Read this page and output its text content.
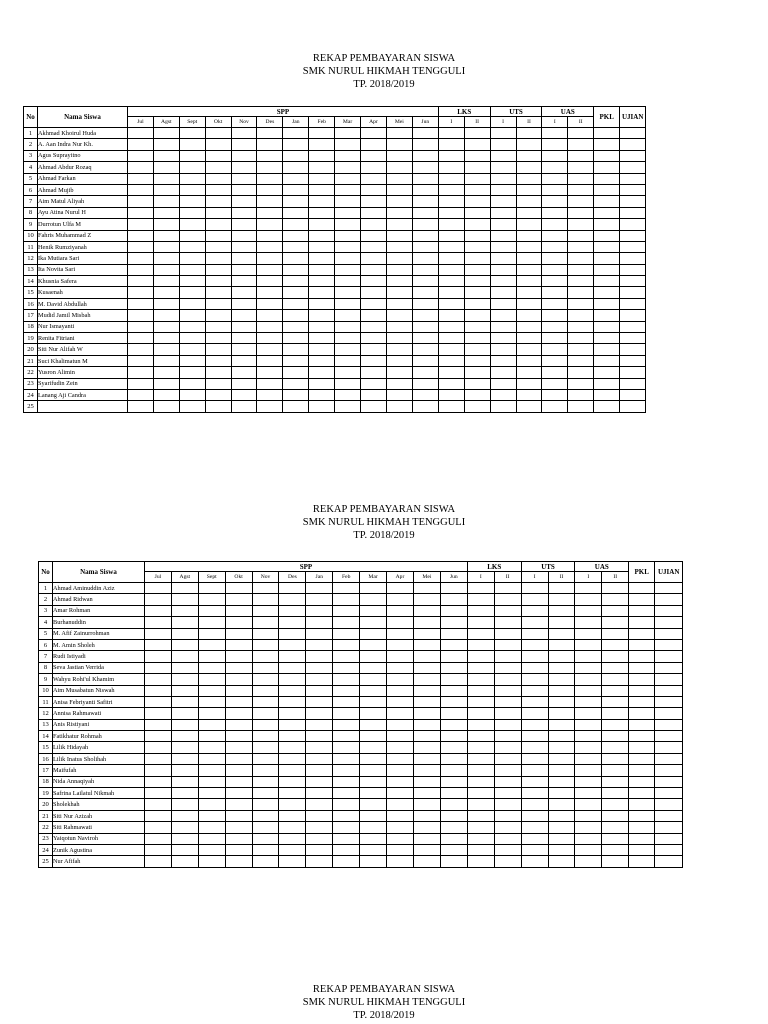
REKAP PEMBAYARAN SISWA
SMK NURUL HIKMAH TENGGULI
TP. 2018/2019
No	Nama Siswa	SPP												LKS		UTS		UAS		PKL	UJIAN
		Jul	Agst	Sept	Okt	Nov	Des	Jan	Feb	Mar	Apr	Mei	Jun	I	II	I	II	I	II		
1	Akhmad Khoirul Huda																				
2	A. Aan Indra Nur Kh.																				
3	Agus Suprayitno																				
4	Ahmad Abdur Rozaq																				
5	Ahmad Farkan																				
6	Ahmad Mujib																				
7	Aim Matul Aliyah																				
8	Ayu Atina Nurul H																				
9	Durrotun Ulfa M																				
10	Fahris Muhammad Z																				
11	Henik Rumziyanah																				
12	Ika Mutiara Sari																				
13	Ita Novita Sari																				
14	Khusnia Safera																				
15	Kusaenah																				
16	M. David Abdullah																				
17	Mudid Jamil Misbah																				
18	Nur Ismayanti																				
19	Renita Fitriani																				
20	Siti Nur Alifah W																				
21	Suci Khalimatun M																				
22	Yusron Alimin																				
23	Syarifudin Zein																				
24	Lanang Aji Candra																				
25																					
REKAP PEMBAYARAN SISWA
SMK NURUL HIKMAH TENGGULI
TP. 2018/2019
No	Nama Siswa	SPP												LKS		UTS		UAS		PKL	UJIAN
		Jul	Agst	Sept	Okt	Nov	Des	Jan	Feb	Mar	Apr	Mei	Jun	I	II	I	II	I	II		
1	Ahmad Aminuddin Aziz																				
2	Ahmad Ridwan																				
3	Amar Rohman																				
4	Burhanuddin																				
5	M. Afif Zainurrohman																				
6	M. Amin Sholeh																				
7	Rudi Istiyadi																				
8	Seva Jastian Verrida																				
9	Wahyu Rohi'ul Khamim																				
10	Aim Musabatun Niswah																				
11	Anisa Febriyanti Safitri																				
12	Annisa Rahmawati																				
13	Anis Ristiyani																				
14	Fatikhatur Rohmah																				
15	Lilik Hidayah																				
16	Lilik Inatus Sholihah																				
17	Maifufah																				
18	Nida Annaqiyah																				
19	Safrina Lailatul Nikmah																				
20	Sholekhah																				
21	Siti Nur Azizah																				
22	Siti Rahmawati																				
23	Yaiqotun Naviroh																				
24	Zunik Agustina																				
25	Nur Afifah																				
REKAP PEMBAYARAN SISWA
SMK NURUL HIKMAH TENGGULI
TP. 2018/2019
